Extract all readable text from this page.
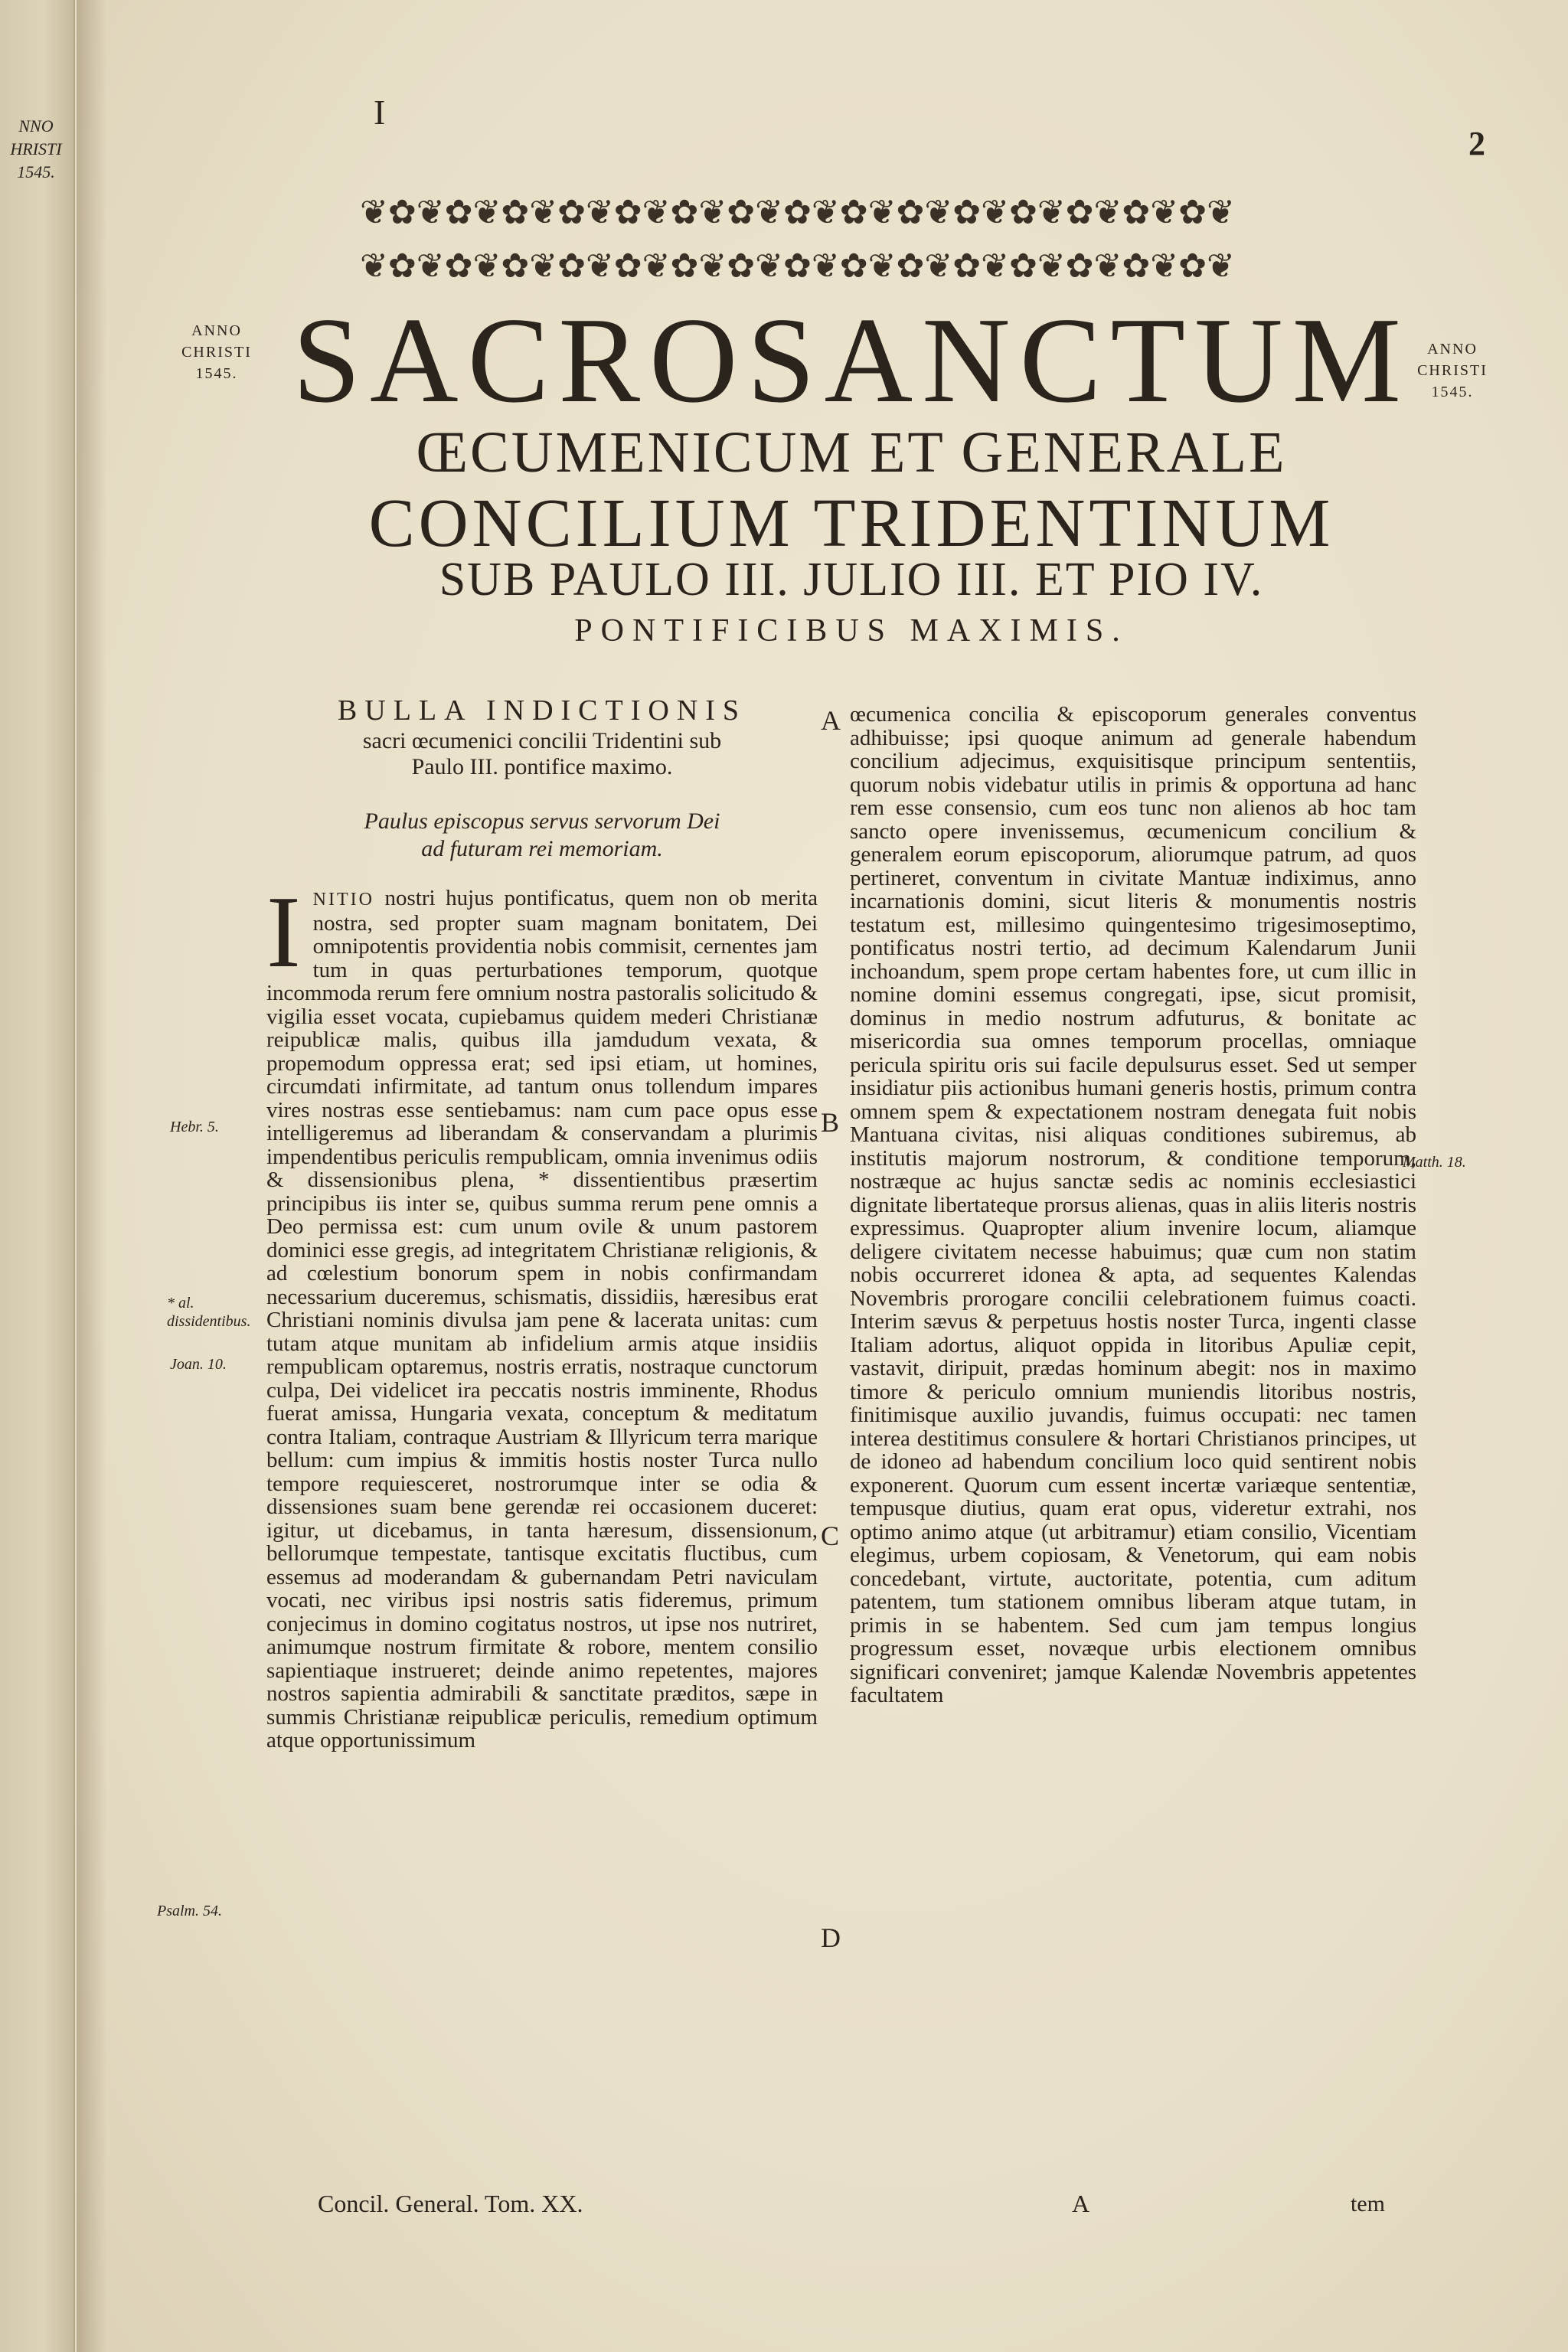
NNO
HRISTI
1545.
I
2
❦✿❦✿❦✿❦✿❦✿❦✿❦✿❦✿❦✿❦✿❦✿❦✿❦✿❦✿❦✿❦
❦✿❦✿❦✿❦✿❦✿❦✿❦✿❦✿❦✿❦✿❦✿❦✿❦✿❦✿❦✿❦
ANNO
CHRISTI
1545.
ANNO
CHRISTI
1545.
SACROSANCTUM
ŒCUMENICUM ET GENERALE
CONCILIUM TRIDENTINUM
SUB PAULO III. JULIO III. ET PIO IV.
PONTIFICIBUS MAXIMIS.
BULLA INDICTIONIS
sacri œcumenici concilii Tridentini sub
Paulo III. pontifice maximo.
Paulus episcopus servus servorum Dei
ad futuram rei memoriam.
I NITIO nostri hujus pontificatus, quem non ob merita nostra, sed propter suam magnam bonitatem, Dei omnipotentis providentia nobis commisit, cernentes jam tum in quas perturbationes temporum, quotque incommoda rerum fere omnium nostra pastoralis solicitudo & vigilia esset vocata, cupiebamus quidem mederi Christianæ reipublicæ malis, quibus illa jamdudum vexata, & propemodum oppressa erat; sed ipsi etiam, ut homines, circumdati infirmitate, ad tantum onus tollendum impares vires nostras esse sentiebamus: nam cum pace opus esse intelligeremus ad liberandam & conservandam a plurimis impendentibus periculis rempublicam, omnia invenimus odiis & dissensionibus plena, * dissentientibus præsertim principibus iis inter se, quibus summa rerum pene omnis a Deo permissa est: cum unum ovile & unum pastorem dominici esse gregis, ad integritatem Christianæ religionis, & ad cœlestium bonorum spem in nobis confirmandam necessarium duceremus, schismatis, dissidiis, hæresibus erat Christiani nominis divulsa jam pene & lacerata unitas: cum tutam atque munitam ab infidelium armis atque insidiis rempublicam optaremus, nostris erratis, nostraque cunctorum culpa, Dei videlicet ira peccatis nostris imminente, Rhodus fuerat amissa, Hungaria vexata, conceptum & meditatum contra Italiam, contraque Austriam & Illyricum terra marique bellum: cum impius & immitis hostis noster Turca nullo tempore requiesceret, nostrorumque inter se odia & dissensiones suam bene gerendæ rei occasionem duceret: igitur, ut dicebamus, in tanta hæresum, dissensionum, bellorumque tempestate, tantisque excitatis fluctibus, cum essemus ad moderandam & gubernandam Petri naviculam vocati, nec viribus ipsi nostris satis fideremus, primum conjecimus in domino cogitatus nostros, ut ipse nos nutriret, animumque nostrum firmitate & robore, mentem consilio sapientiaque instrueret; deinde animo repetentes, majores nostros sapientia admirabili & sanctitate præditos, sæpe in summis Christianæ reipublicæ periculis, remedium optimum atque opportunissimum
œcumenica concilia & episcoporum generales conventus adhibuisse; ipsi quoque animum ad generale habendum concilium adjecimus, exquisitisque principum sententiis, quorum nobis videbatur utilis in primis & opportuna ad hanc rem esse consensio, cum eos tunc non alienos ab hoc tam sancto opere invenissemus, œcumenicum concilium & generalem eorum episcoporum, aliorumque patrum, ad quos pertineret, conventum in civitate Mantuæ indiximus, anno incarnationis domini, sicut literis & monumentis nostris testatum est, millesimo quingentesimo trigesimoseptimo, pontificatus nostri tertio, ad decimum Kalendarum Junii inchoandum, spem prope certam habentes fore, ut cum illic in nomine domini essemus congregati, ipse, sicut promisit, dominus in medio nostrum adfuturus, & bonitate ac misericordia sua omnes temporum procellas, omniaque pericula spiritu oris sui facile depulsurus esset. Sed ut semper insidiatur piis actionibus humani generis hostis, primum contra omnem spem & expectationem nostram denegata fuit nobis Mantuana civitas, nisi aliquas conditiones subiremus, ab institutis majorum nostrorum, & conditione temporum, nostræque ac hujus sanctæ sedis ac nominis ecclesiastici dignitate libertateque prorsus alienas, quas in aliis literis nostris expressimus. Quapropter alium invenire locum, aliamque deligere civitatem necesse habuimus; quæ cum non statim nobis occurreret idonea & apta, ad sequentes Kalendas Novembris prorogare concilii celebrationem fuimus coacti. Interim sævus & perpetuus hostis noster Turca, ingenti classe Italiam adortus, aliquot oppida in litoribus Apuliæ cepit, vastavit, diripuit, prædas hominum abegit: nos in maximo timore & periculo omnium muniendis litoribus nostris, finitimisque auxilio juvandis, fuimus occupati: nec tamen interea destitimus consulere & hortari Christianos principes, ut de idoneo ad habendum concilium loco quid sentirent nobis exponerent. Quorum cum essent incertæ variæque sententiæ, tempusque diutius, quam erat opus, videretur extrahi, nos optimo animo atque (ut arbitramur) etiam consilio, Vicentiam elegimus, urbem copiosam, & Venetorum, qui eam nobis concedebant, virtute, auctoritate, potentia, cum aditum patentem, tum stationem omnibus liberam atque tutam, in primis in se habentem. Sed cum jam tempus longius progressum esset, novæque urbis electionem omnibus significari conveniret; jamque Kalendæ Novembris appetentes facultatem
A
B
C
D
Hebr. 5.
* al. dissidentibus.
Joan. 10.
Psalm. 54.
Matth. 18.
Concil. General. Tom. XX.	A	tem
